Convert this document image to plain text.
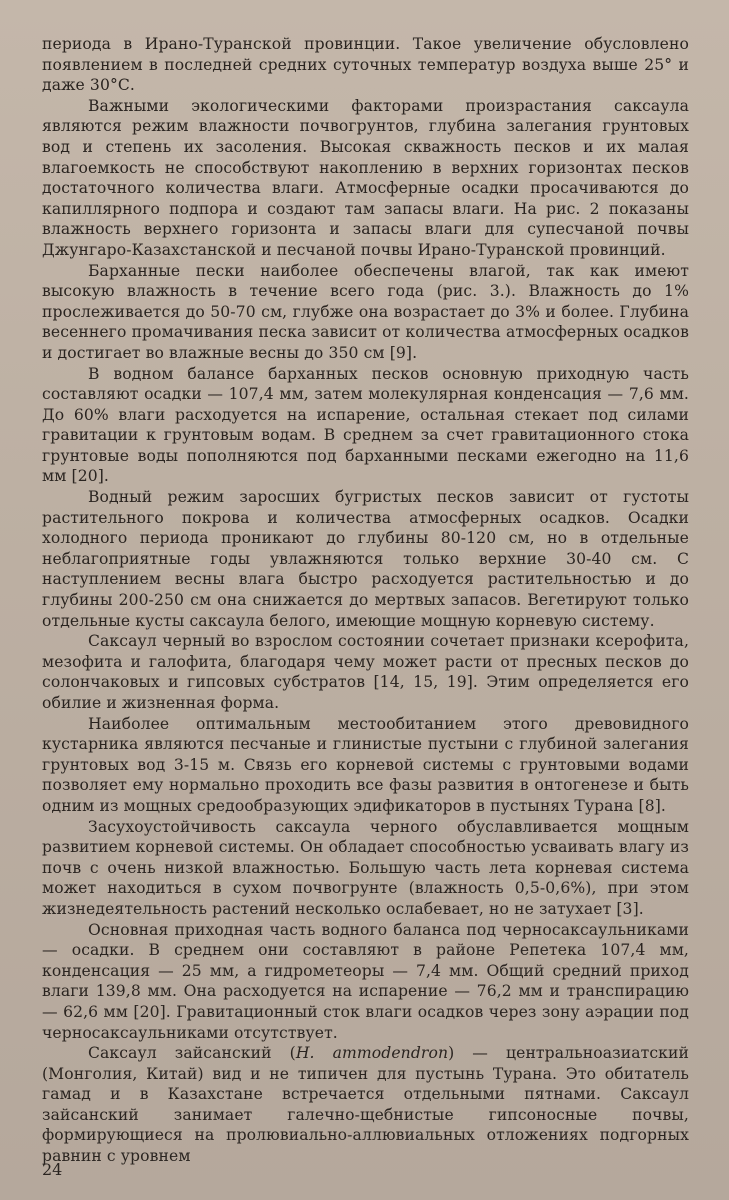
периода в Ирано-Туранской провинции. Такое увеличение обусловлено появлением в последней средних суточных температур воздуха выше 25° и даже 30°С.

Важными экологическими факторами произрастания саксаула являются режим влажности почвогрунтов, глубина залегания грунтовых вод и степень их засоления. Высокая скважность песков и их малая влагоемкость не способствуют накоплению в верхних горизонтах песков достаточного количества влаги. Атмосферные осадки просачиваются до капиллярного подпора и создают там запасы влаги. На рис. 2 показаны влажность верхнего горизонта и запасы влаги для супесчаной почвы Джунгаро-Казахстанской и песчаной почвы Ирано-Туранской провинций.

Барханные пески наиболее обеспечены влагой, так как имеют высокую влажность в течение всего года (рис. 3.). Влажность до 1% прослеживается до 50-70 см, глубже она возрастает до 3% и более. Глубина весеннего промачивания песка зависит от количества атмосферных осадков и достигает во влажные весны до 350 см [9].

В водном балансе барханных песков основную приходную часть составляют осадки — 107,4 мм, затем молекулярная конденсация — 7,6 мм. До 60% влаги расходуется на испарение, остальная стекает под силами гравитации к грунтовым водам. В среднем за счет гравитационного стока грунтовые воды пополняются под барханными песками ежегодно на 11,6 мм [20].

Водный режим заросших бугристых песков зависит от густоты растительного покрова и количества атмосферных осадков. Осадки холодного периода проникают до глубины 80-120 см, но в отдельные неблагоприятные годы увлажняются только верхние 30-40 см. С наступлением весны влага быстро расходуется растительностью и до глубины 200-250 см она снижается до мертвых запасов. Вегетируют только отдельные кусты саксаула белого, имеющие мощную корневую систему.

Саксаул черный во взрослом состоянии сочетает признаки ксерофита, мезофита и галофита, благодаря чему может расти от пресных песков до солончаковых и гипсовых субстратов [14, 15, 19]. Этим определяется его обилие и жизненная форма.

Наиболее оптимальным местообитанием этого древовидного кустарника являются песчаные и глинистые пустыни с глубиной залегания грунтовых вод 3-15 м. Связь его корневой системы с грунтовыми водами позволяет ему нормально проходить все фазы развития в онтогенезе и быть одним из мощных средообразующих эдификаторов в пустынях Турана [8].

Засухоустойчивость саксаула черного обуславливается мощным развитием корневой системы. Он обладает способностью усваивать влагу из почв с очень низкой влажностью. Большую часть лета корневая система может находиться в сухом почвогрунте (влажность 0,5-0,6%), при этом жизнедеятельность растений несколько ослабевает, но не затухает [3].

Основная приходная часть водного баланса под черносаксаульниками — осадки. В среднем они составляют в районе Репетека 107,4 мм, конденсация — 25 мм, а гидрометеоры — 7,4 мм. Общий средний приход влаги 139,8 мм. Она расходуется на испарение — 76,2 мм и транспирацию — 62,6 мм [20]. Гравитационный сток влаги осадков через зону аэрации под черносаксаульниками отсутствует.

Саксаул зайсанский (H. ammodendron) — центральноазиатский (Монголия, Китай) вид и не типичен для пустынь Турана. Это обитатель гамад и в Казахстане встречается отдельными пятнами. Саксаул зайсанский занимает галечно-щебнистые гипсоносные почвы, формирующиеся на пролювиально-аллювиальных отложениях подгорных равнин с уровнем

24
